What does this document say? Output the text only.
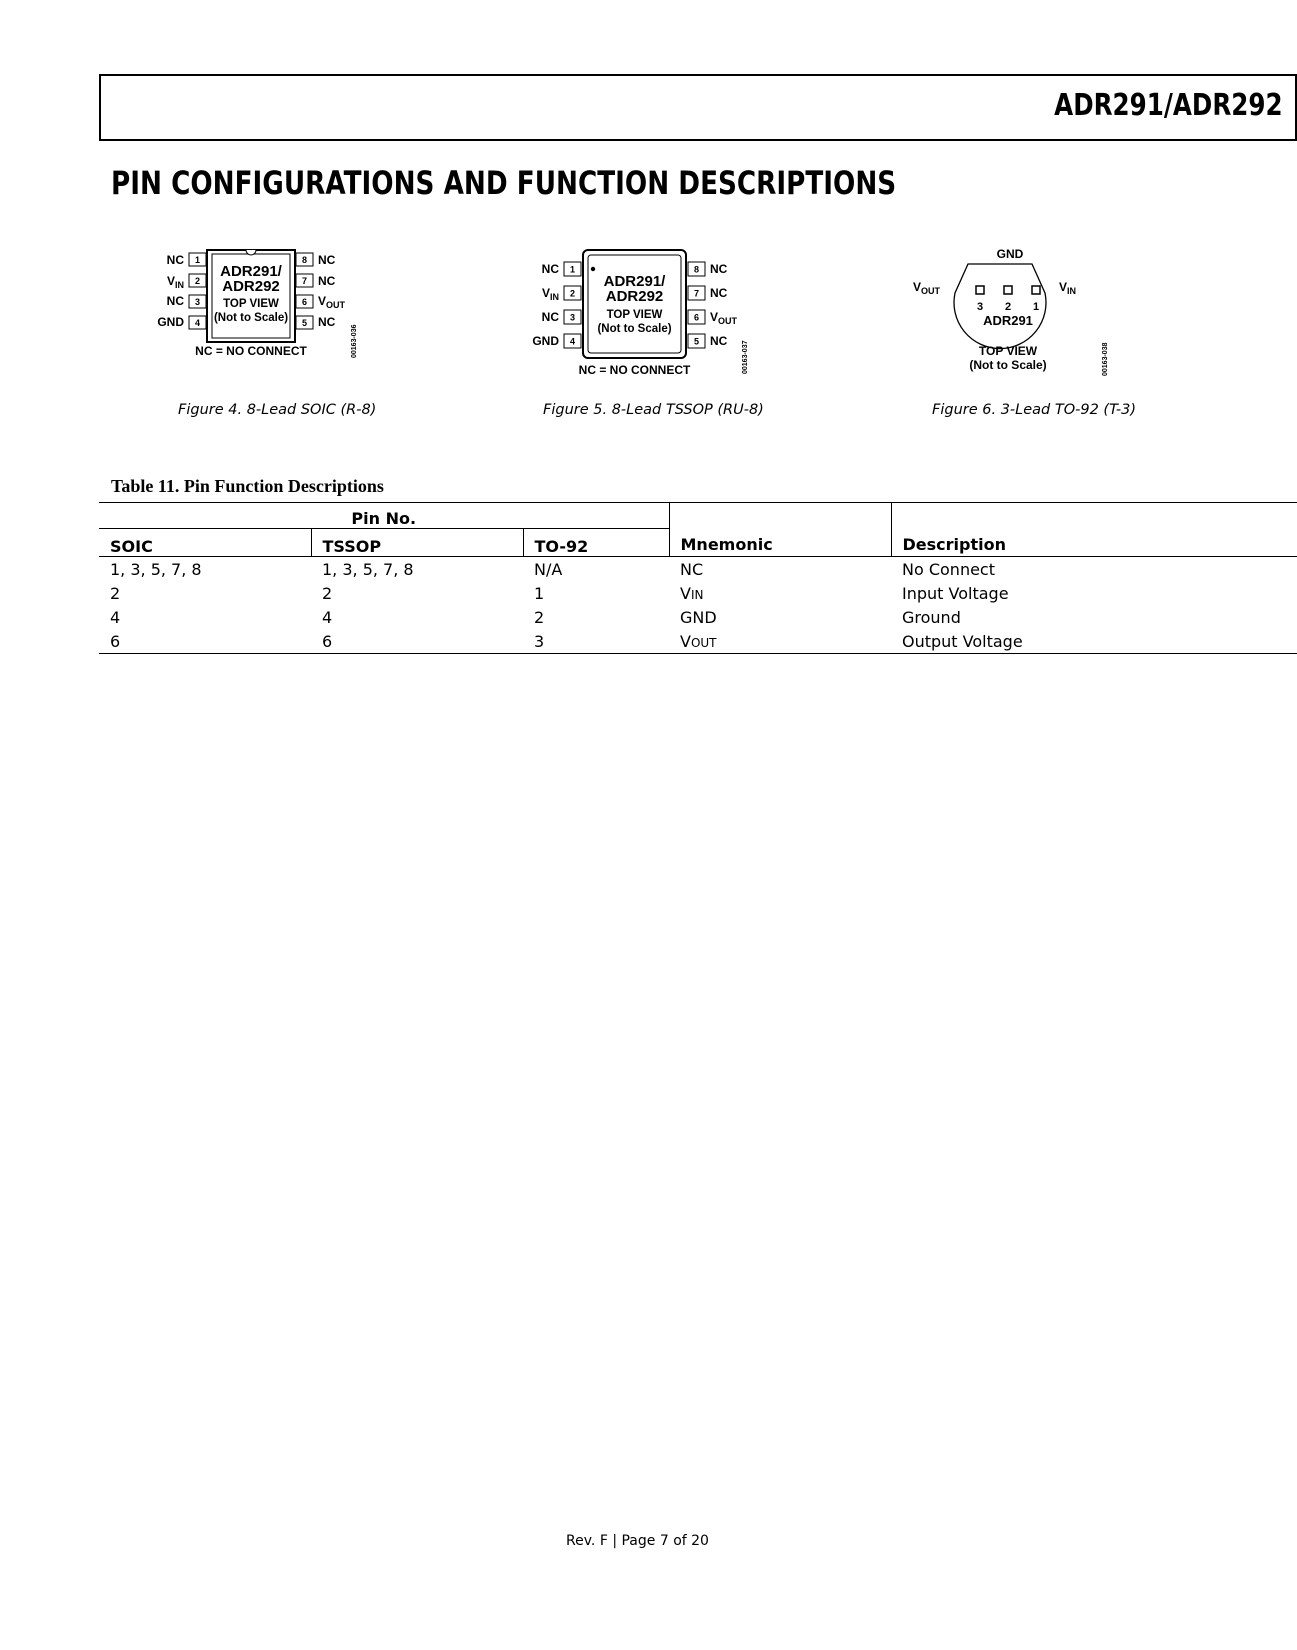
ADR291/ADR292
PIN CONFIGURATIONS AND FUNCTION DESCRIPTIONS
1
2
3
4
8
7
6
5
NC
$V_{IN}$
NC
GND
NC
NC
$V_{OUT}$
NC
ADR291/
ADR292
TOP VIEW
(Not to Scale)
NC = NO CONNECT	00163-036
Figure 4. 8-Lead SOIC (R-8)
1
2
3
4
8
7
6
5
NC
$V_{IN}$
NC
GND
NC
NC
$V_{OUT}$
NC
ADR291/
ADR292
TOP VIEW
(Not to Scale)
NC = NO CONNECT	00163-037
Figure 5. 8-Lead TSSOP (RU-8)
GND
3 2 1
ADR291
TOP VIEW
(Not to Scale)
$V_{OUT}$	$V_{IN}$
00163-038
Figure 6. 3-Lead TO-92 (T-3)
Table 11. Pin Function Descriptions
Pin No.			Mnemonic	Description
SOIC	TSSOP	TO-92		
1, 3, 5, 7, 8	1, 3, 5, 7, 8	N/A	NC	No Connect
2	2	1	VIN	Input Voltage
4	4	2	GND	Ground
6	6	3	VOUT	Output Voltage
Rev. F | Page 7 of 20
